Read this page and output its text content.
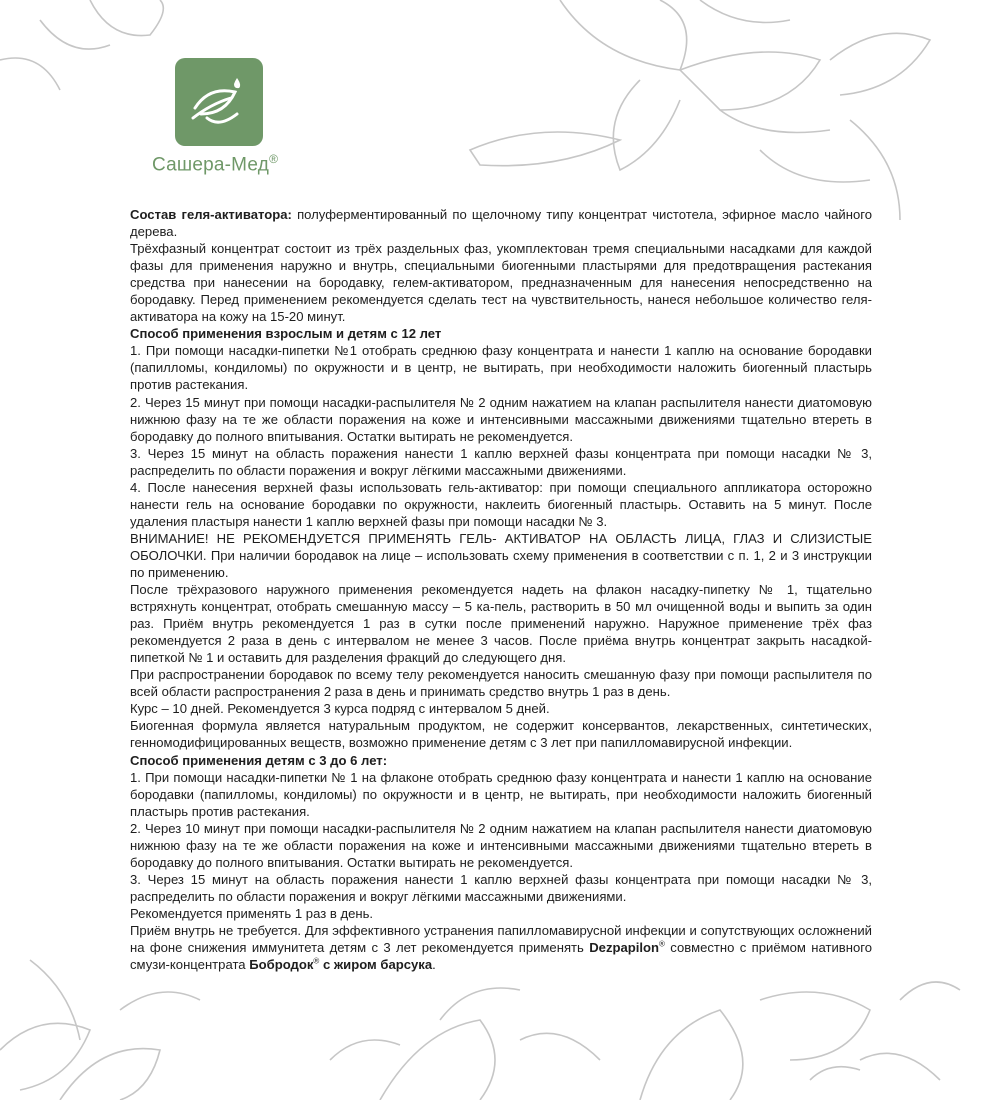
Сашера-Мед®

Состав геля-активатора: полуферментированный по щелочному типу концентрат чистотела, эфирное масло чайного дерева.

Трёхфазный концентрат состоит из трёх раздельных фаз, укомплектован тремя специальными насадками для каждой фазы для применения наружно и внутрь, специальными биогенными пластырями для предотвращения растекания средства при нанесении на бородавку, гелем-активатором, предназначенным для нанесения непосредственно на бородавку. Перед применением рекомендуется сделать тест на чувствительность, нанеся небольшое количество геля-активатора на кожу на 15-20 минут.

Способ применения взрослым и детям с 12 лет

1. При помощи насадки-пипетки №1 отобрать среднюю фазу концентрата и нанести 1 каплю на основание бородавки (папилломы, кондиломы) по окружности и в центр, не вытирать, при необходимости наложить биогенный пластырь против растекания.

2. Через 15 минут при помощи насадки-распылителя № 2 одним нажатием на клапан распылителя нанести диатомовую нижнюю фазу на те же области поражения на коже и интенсивными массажными движениями тщательно втереть в бородавку до полного впитывания. Остатки вытирать не рекомендуется.

3. Через 15 минут на область поражения нанести 1 каплю верхней фазы концентрата при помощи насадки № 3, распределить по области поражения и вокруг лёгкими массажными движениями.

4. После нанесения верхней фазы использовать гель-активатор: при помощи специального аппликатора осторожно нанести гель на основание бородавки по окружности, наклеить биогенный пластырь. Оставить на 5 минут. После удаления пластыря нанести 1 каплю верхней фазы при помощи насадки № 3.

ВНИМАНИЕ! НЕ РЕКОМЕНДУЕТСЯ ПРИМЕНЯТЬ ГЕЛЬ- АКТИВАТОР НА ОБЛАСТЬ ЛИЦА, ГЛАЗ И СЛИЗИСТЫЕ ОБОЛОЧКИ. При наличии бородавок на лице – использовать схему применения в соответствии с п. 1, 2 и 3 инструкции по применению.

После трёхразового наружного применения рекомендуется надеть на флакон насадку-пипетку № 1, тщательно встряхнуть концентрат, отобрать смешанную массу – 5 ка-пель, растворить в 50 мл очищенной воды и выпить за один раз. Приём внутрь рекомендуется 1 раз в сутки после применений наружно. Наружное применение трёх фаз рекомендуется 2 раза в день с интервалом не менее 3 часов. После приёма внутрь концентрат закрыть насадкой-пипеткой № 1 и оставить для разделения фракций до следующего дня.

При распространении бородавок по всему телу рекомендуется наносить смешанную фазу при помощи распылителя по всей области распространения 2 раза в день и принимать средство внутрь 1 раз в день.

Курс – 10 дней. Рекомендуется 3 курса подряд с интервалом 5 дней.

Биогенная формула является натуральным продуктом, не содержит консервантов, лекарственных, синтетических, генномодифицированных веществ, возможно применение детям с 3 лет при папилломавирусной инфекции.

Способ применения детям с 3 до 6 лет:

1. При помощи насадки-пипетки № 1 на флаконе отобрать среднюю фазу концентрата и нанести 1 каплю на основание бородавки (папилломы, кондиломы) по окружности и в центр, не вытирать, при необходимости наложить биогенный пластырь против растекания.

2. Через 10 минут при помощи насадки-распылителя № 2 одним нажатием на клапан распылителя нанести диатомовую нижнюю фазу на те же области поражения на коже и интенсивными массажными движениями тщательно втереть в бородавку до полного впитывания. Остатки вытирать не рекомендуется.

3. Через 15 минут на область поражения нанести 1 каплю верхней фазы концентрата при помощи насадки № 3, распределить по области поражения и вокруг лёгкими массажными движениями.

Рекомендуется применять 1 раз в день.

Приём внутрь не требуется. Для эффективного устранения папилломавирусной инфекции и сопутствующих осложнений на фоне снижения иммунитета детям с 3 лет рекомендуется применять Dezpapilon® совместно с приёмом нативного смузи-концентрата Бобродок® с жиром барсука.
